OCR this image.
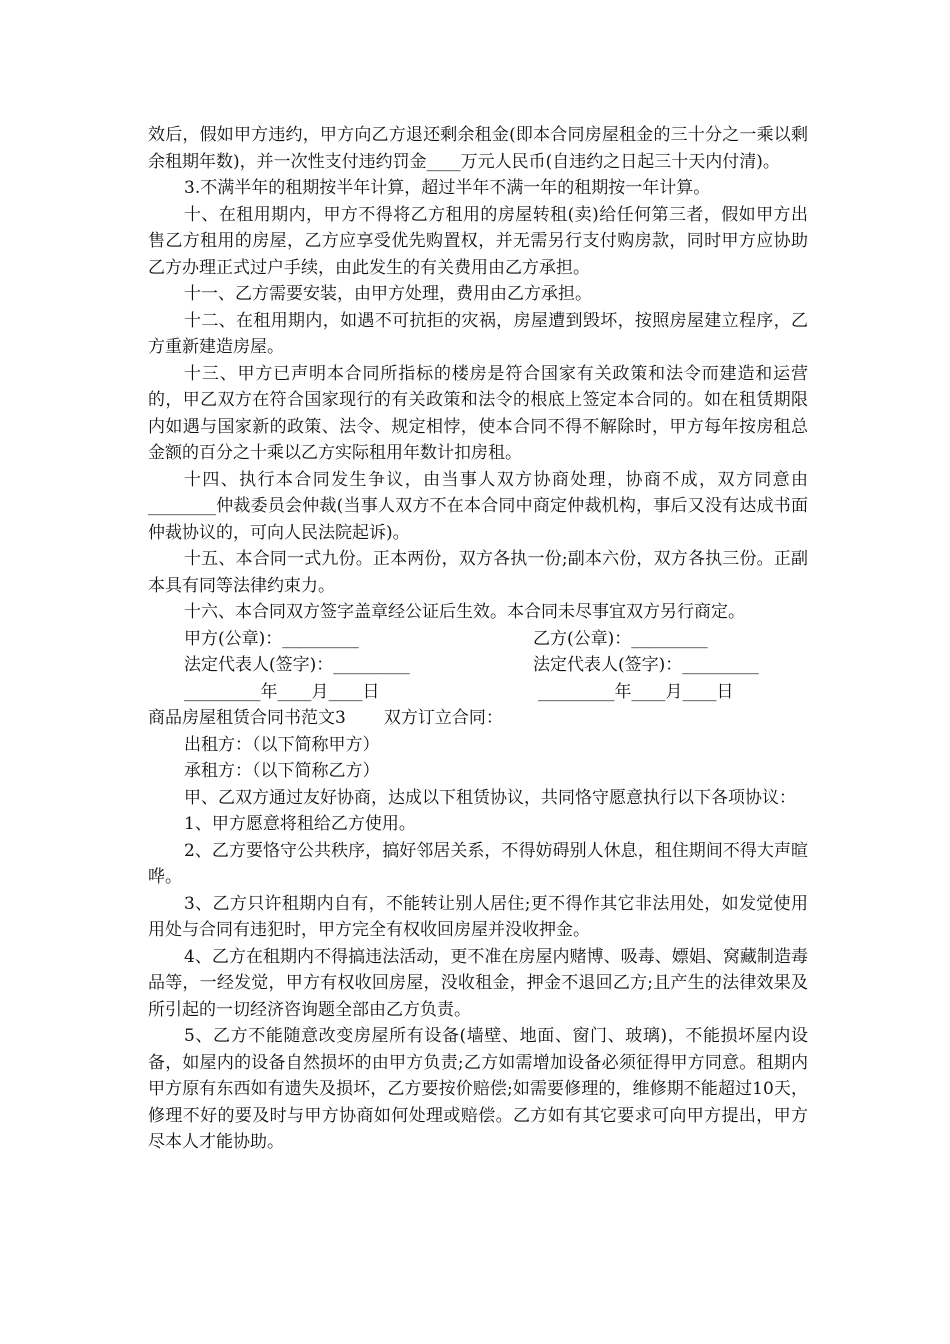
效后，假如甲方违约，甲方向乙方退还剩余租金(即本合同房屋租金的三十分之一乘以剩余租期年数)，并一次性支付违约罚金____万元人民币(自违约之日起三十天内付清)。

3.不满半年的租期按半年计算，超过半年不满一年的租期按一年计算。

十、在租用期内，甲方不得将乙方租用的房屋转租(卖)给任何第三者，假如甲方出售乙方租用的房屋，乙方应享受优先购置权，并无需另行支付购房款，同时甲方应协助乙方办理正式过户手续，由此发生的有关费用由乙方承担。

十一、乙方需要安装，由甲方处理，费用由乙方承担。

十二、在租用期内，如遇不可抗拒的灾祸，房屋遭到毁坏，按照房屋建立程序，乙方重新建造房屋。

十三、甲方已声明本合同所指标的楼房是符合国家有关政策和法令而建造和运营的，甲乙双方在符合国家现行的有关政策和法令的根底上签定本合同的。如在租赁期限内如遇与国家新的政策、法令、规定相悖，使本合同不得不解除时，甲方每年按房租总金额的百分之十乘以乙方实际租用年数计扣房租。

十四、执行本合同发生争议，由当事人双方协商处理，协商不成，双方同意由________仲裁委员会仲裁(当事人双方不在本合同中商定仲裁机构，事后又没有达成书面仲裁协议的，可向人民法院起诉)。

十五、本合同一式九份。正本两份，双方各执一份;副本六份，双方各执三份。正副本具有同等法律约束力。

十六、本合同双方签字盖章经公证后生效。本合同未尽事宜双方另行商定。

甲方(公章)：_________	乙方(公章)：_________
法定代表人(签字)：_________	法定代表人(签字)：_________
_________年____月____日	_________年____月____日

商品房屋租赁合同书范文3 双方订立合同：

出租方：（以下简称甲方）

承租方：（以下简称乙方）

甲、乙双方通过友好协商，达成以下租赁协议，共同恪守愿意执行以下各项协议：

1、甲方愿意将租给乙方使用。

2、乙方要恪守公共秩序，搞好邻居关系，不得妨碍别人休息，租住期间不得大声暄哗。

3、乙方只许租期内自有，不能转让别人居住;更不得作其它非法用处，如发觉使用用处与合同有违犯时，甲方完全有权收回房屋并没收押金。

4、乙方在租期内不得搞违法活动，更不准在房屋内赌博、吸毒、嫖娼、窝藏制造毒品等，一经发觉，甲方有权收回房屋，没收租金，押金不退回乙方;且产生的法律效果及所引起的一切经济咨询题全部由乙方负责。

5、乙方不能随意改变房屋所有设备(墙壁、地面、窗门、玻璃)，不能损坏屋内设备，如屋内的设备自然损坏的由甲方负责;乙方如需增加设备必须征得甲方同意。租期内甲方原有东西如有遗失及损坏，乙方要按价赔偿;如需要修理的，维修期不能超过10天，修理不好的要及时与甲方协商如何处理或赔偿。乙方如有其它要求可向甲方提出，甲方尽本人才能协助。
